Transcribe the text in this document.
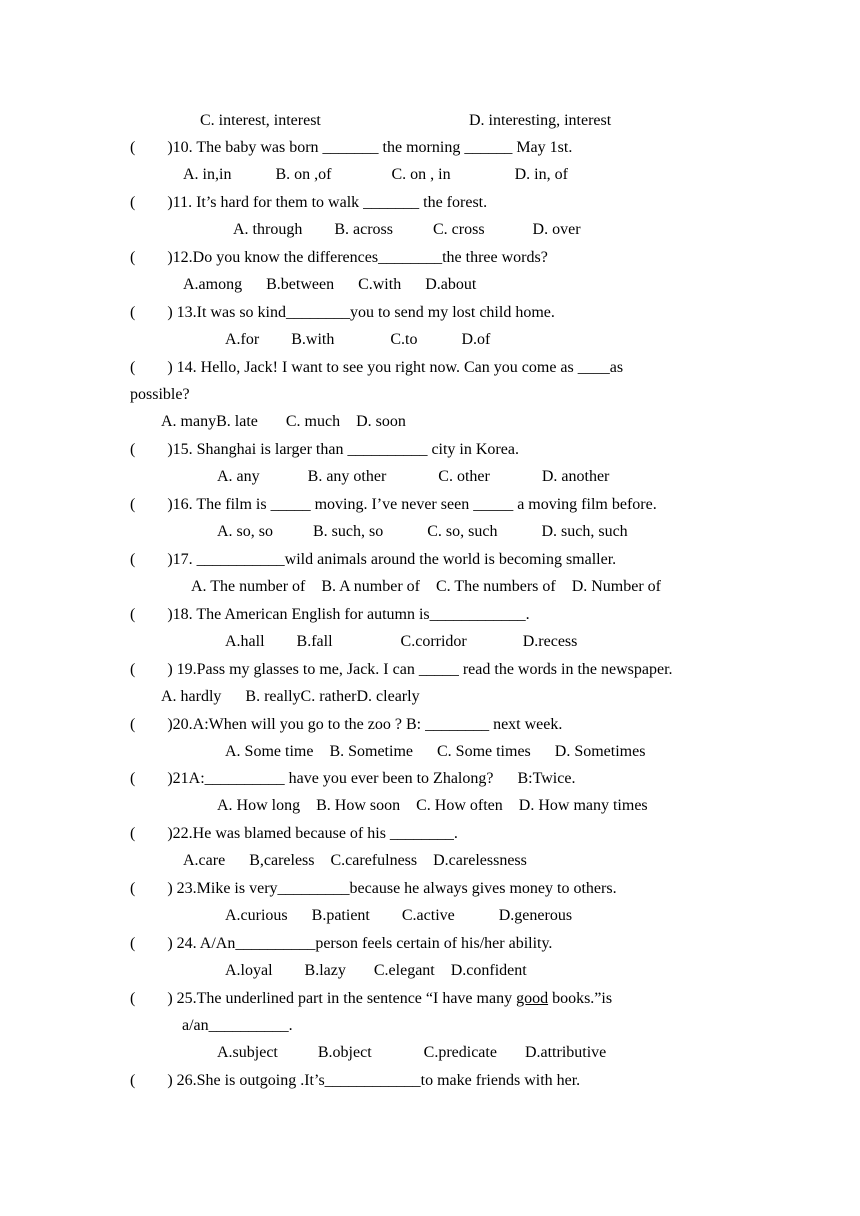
C. interest, interest	D. interesting, interest
(        )10. The baby was born _______ the morning ______ May 1st.
A. in,in           B. on ,of               C. on , in                D. in, of
(        )11. It’s hard for them to walk _______ the forest.
A. through        B. across          C. cross            D. over
(        )12.Do you know the differences________the three words?
A.among      B.between      C.with      D.about
(        ) 13.It was so kind________you to send my lost child home.
A.for        B.with              C.to           D.of
(        ) 14. Hello, Jack! I want to see you right now. Can you come as ____as
possible?
A. manyB. late       C. much    D. soon
(        )15. Shanghai is larger than __________ city in Korea.
A. any            B. any other             C. other             D. another
(        )16. The film is _____ moving. I’ve never seen _____ a moving film before.
A. so, so          B. such, so           C. so, such           D. such, such
(        )17. ___________wild animals around the world is becoming smaller.
A. The number of    B. A number of    C. The numbers of    D. Number of
(        )18. The American English for autumn is____________.
A.hall        B.fall                 C.corridor              D.recess
(        ) 19.Pass my glasses to me, Jack. I can _____ read the words in the newspaper.
A. hardly      B. reallyC. ratherD. clearly
(        )20.A:When will you go to the zoo ? B: ________ next week.
A. Some time    B. Sometime      C. Some times      D. Sometimes
(        )21A:__________ have you ever been to Zhalong?      B:Twice.
A. How long    B. How soon    C. How often    D. How many times
(        )22.He was blamed because of his ________.
A.care      B,careless    C.carefulness    D.carelessness
(        ) 23.Mike is very_________because he always gives money to others.
A.curious      B.patient        C.active           D.generous
(        ) 24. A/An__________person feels certain of his/her ability.
A.loyal        B.lazy       C.elegant    D.confident
(        ) 25.The underlined part in the sentence “I have many good books.”is
a/an__________.
A.subject          B.object             C.predicate       D.attributive
(        ) 26.She is outgoing .It’s____________to make friends with her.
